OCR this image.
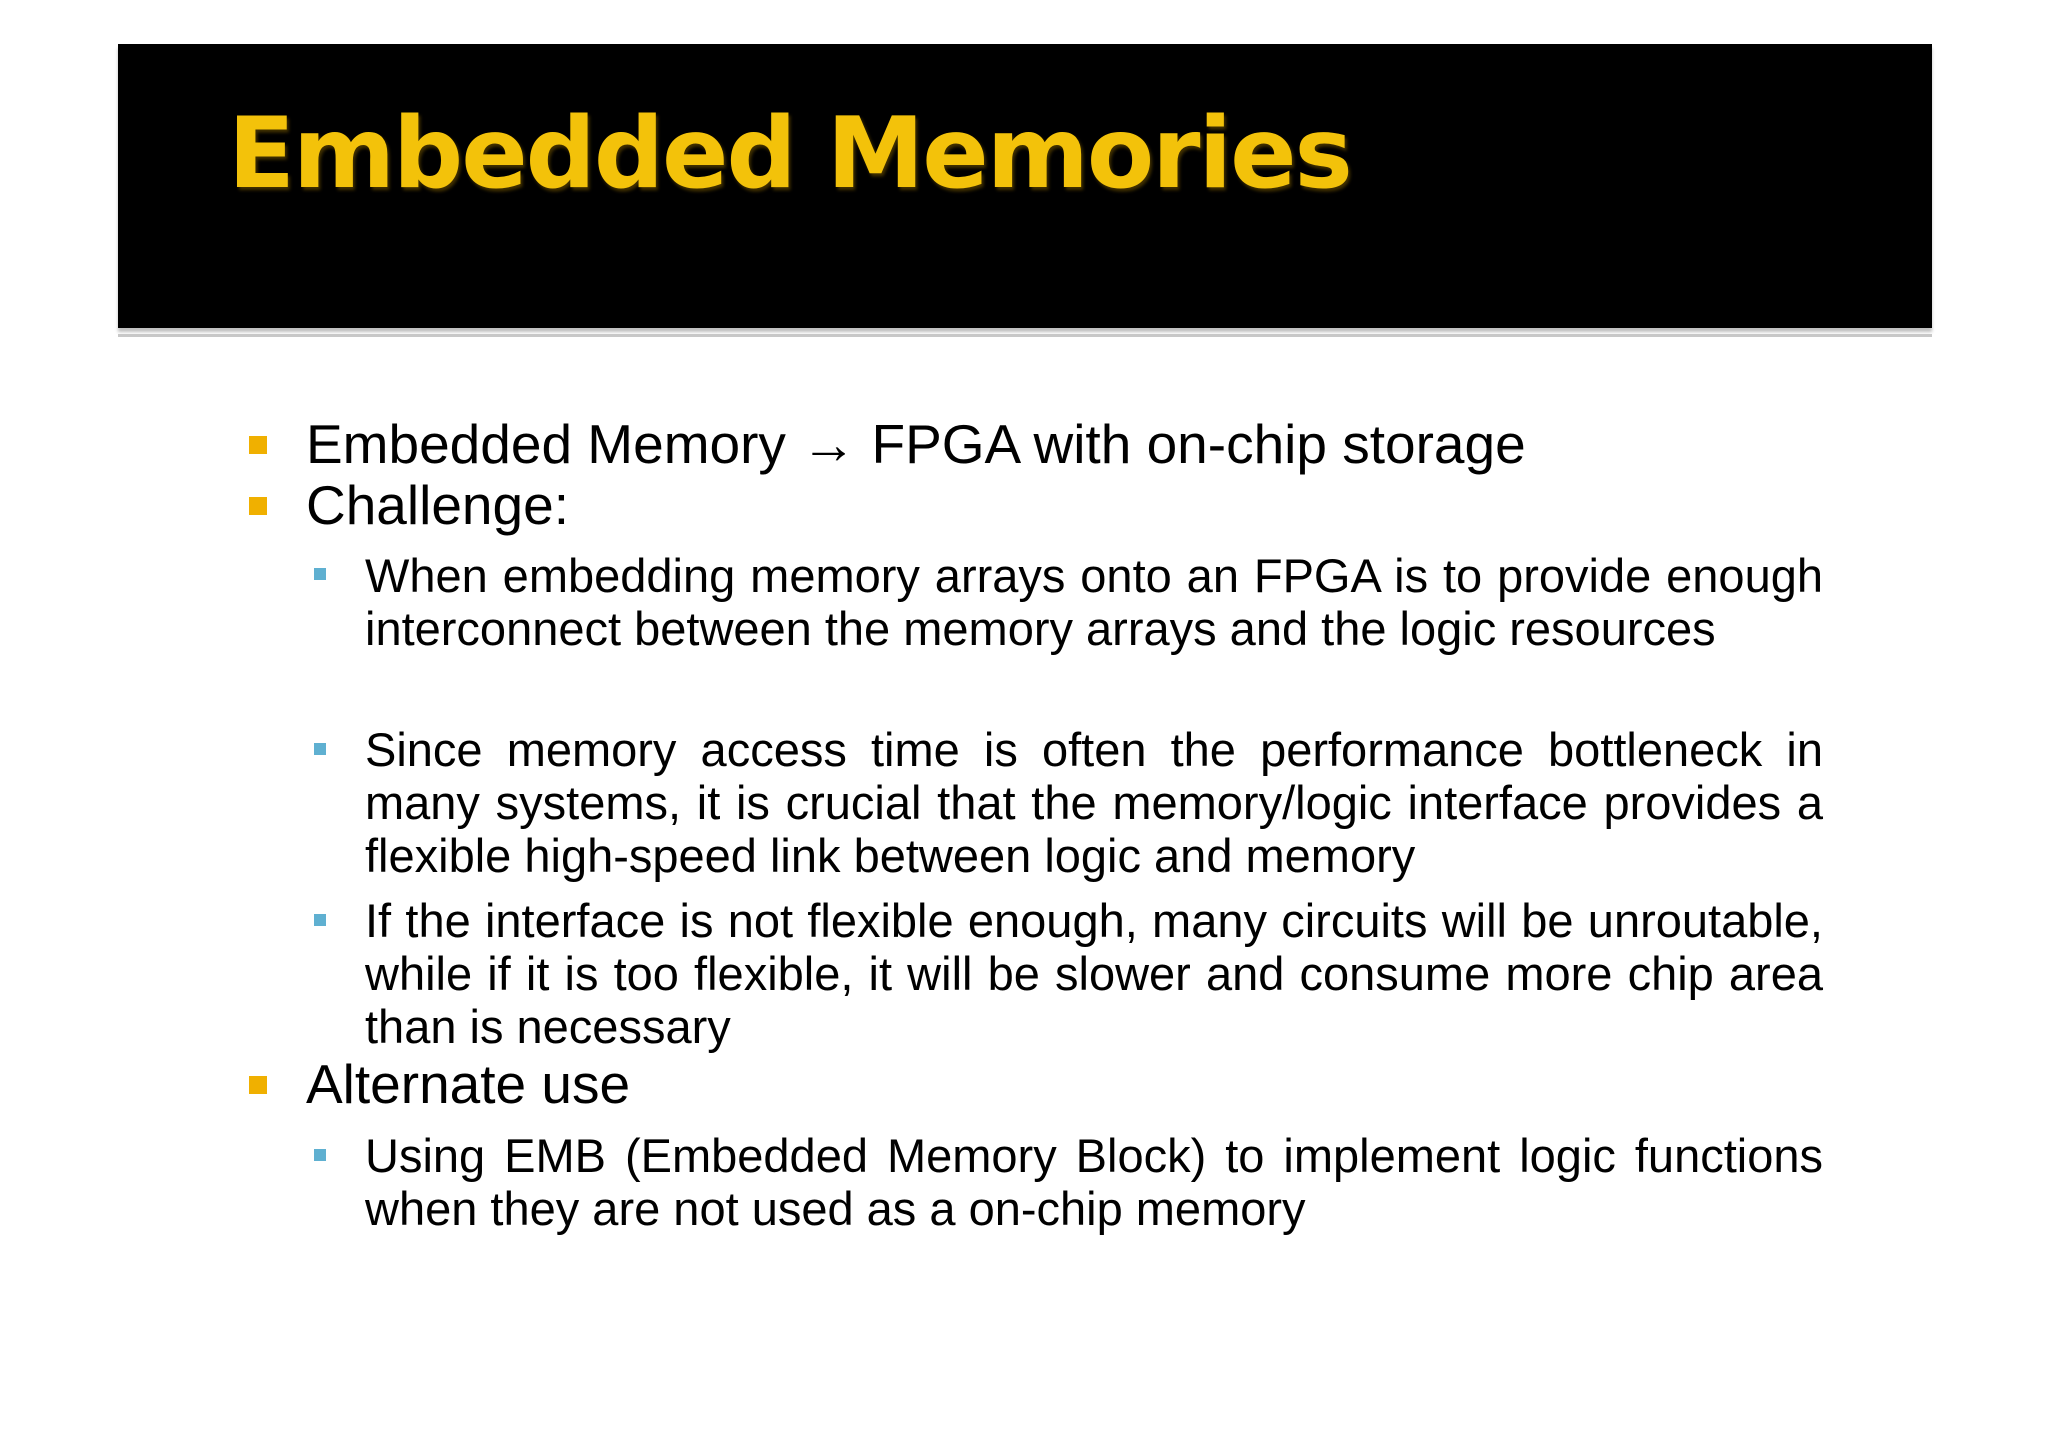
Embedded Memories
Embedded Memory → FPGA with on-chip storage
Challenge:
When embedding memory arrays onto an FPGA is to provide enough interconnect between the memory arrays and the logic resources
Since memory access time is often the performance bottleneck in many systems, it is crucial that the memory/logic interface provides a flexible high-speed link between logic and memory
If the interface is not flexible enough, many circuits will be unroutable, while if it is too flexible, it will be slower and consume more chip area than is necessary
Alternate use
Using EMB (Embedded Memory Block) to implement logic functions when they are not used as a on-chip memory
